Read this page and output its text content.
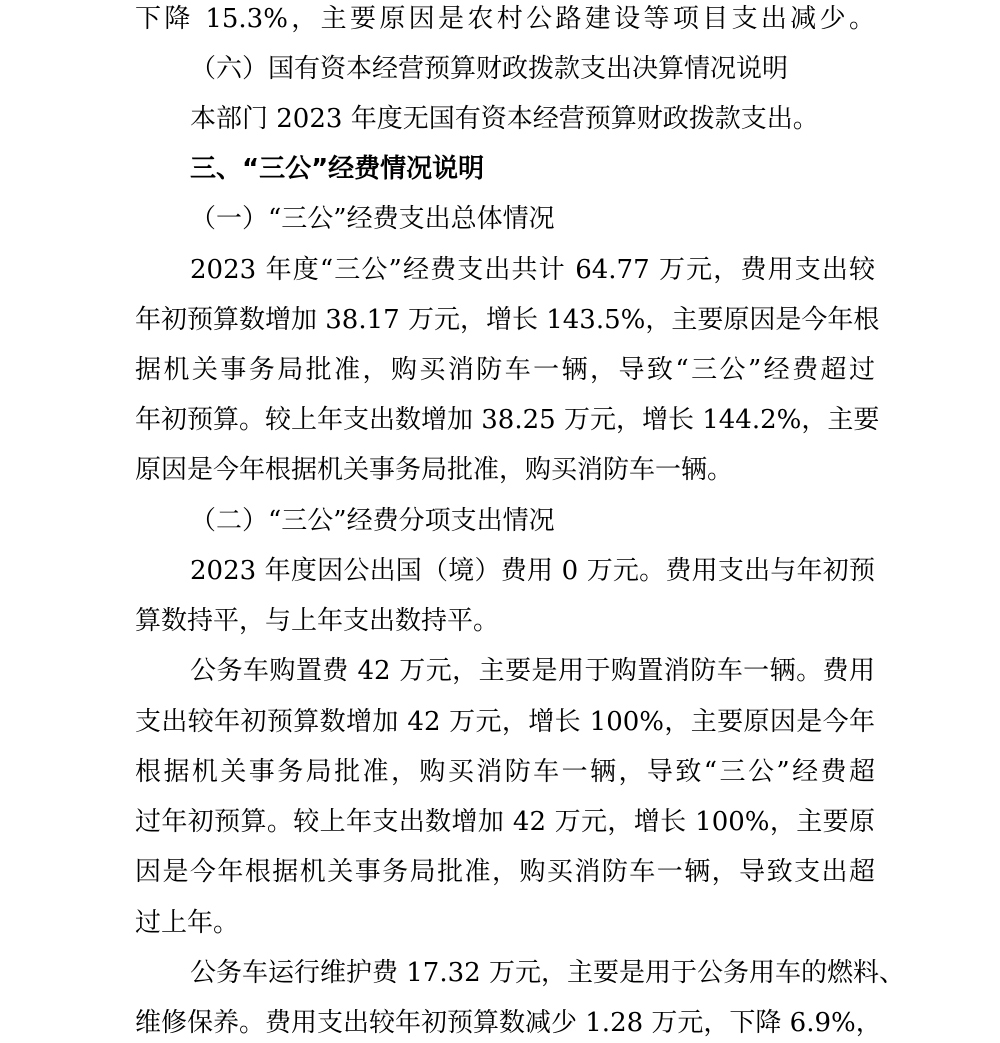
下降 15.3%，主要原因是农村公路建设等项目支出减少。
（六）国有资本经营预算财政拨款支出决算情况说明
本部门 2023 年度无国有资本经营预算财政拨款支出。
三、“三公”经费情况说明
（一）“三公”经费支出总体情况
2023 年度“三公”经费支出共计 64.77 万元，费用支出较
年初预算数增加 38.17 万元，增长 143.5%，主要原因是今年根
据机关事务局批准，购买消防车一辆，导致“三公”经费超过
年初预算。较上年支出数增加 38.25 万元，增长 144.2%，主要
原因是今年根据机关事务局批准，购买消防车一辆。
（二）“三公”经费分项支出情况
2023 年度因公出国（境）费用 0 万元。费用支出与年初预
算数持平，与上年支出数持平。
公务车购置费 42 万元，主要是用于购置消防车一辆。费用
支出较年初预算数增加 42 万元，增长 100%，主要原因是今年
根据机关事务局批准，购买消防车一辆，导致“三公”经费超
过年初预算。较上年支出数增加 42 万元，增长 100%，主要原
因是今年根据机关事务局批准，购买消防车一辆，导致支出超
过上年。
公务车运行维护费 17.32 万元，主要是用于公务用车的燃料、
维修保养。费用支出较年初预算数减少 1.28 万元，下降 6.9%，
